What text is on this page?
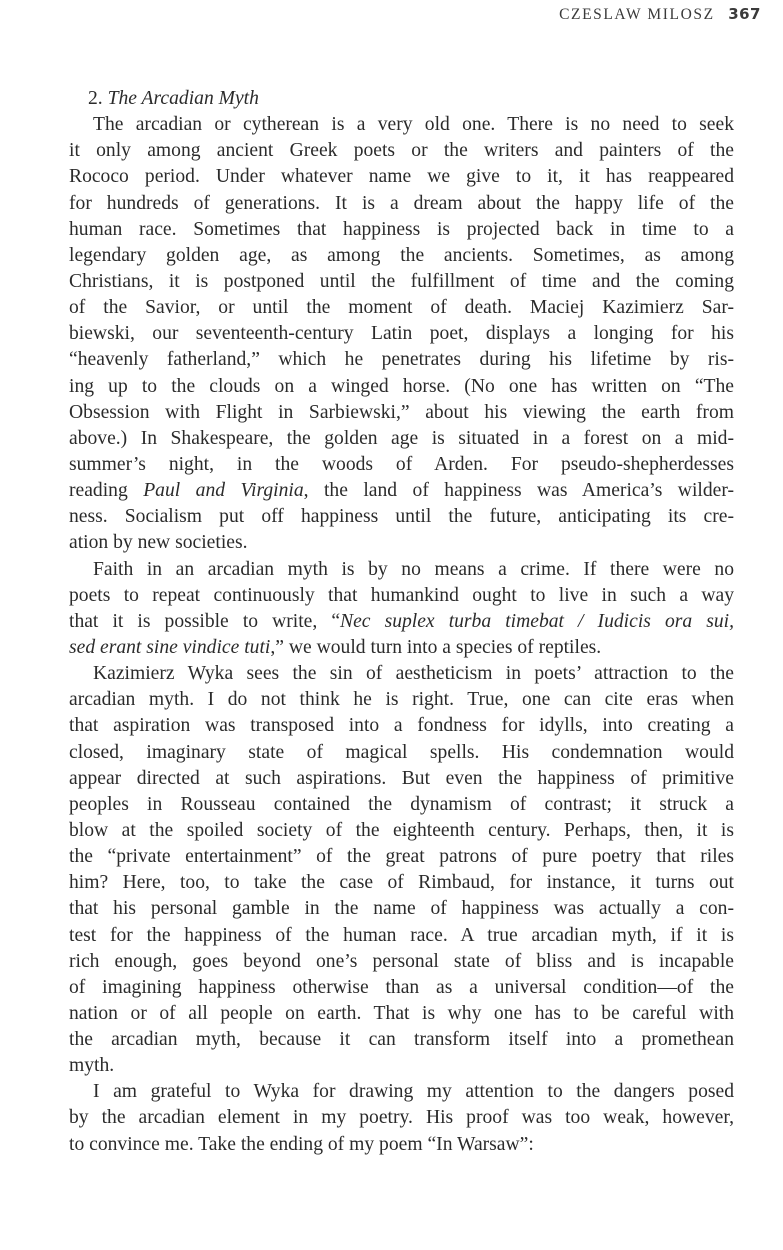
CZESLAW MILOSZ 367
2. The Arcadian Myth
The arcadian or cytherean is a very old one. There is no need to seek
it only among ancient Greek poets or the writers and painters of the
Rococo period. Under whatever name we give to it, it has reappeared
for hundreds of generations. It is a dream about the happy life of the
human race. Sometimes that happiness is projected back in time to a
legendary golden age, as among the ancients. Sometimes, as among
Christians, it is postponed until the fulfillment of time and the coming
of the Savior, or until the moment of death. Maciej Kazimierz Sar-
biewski, our seventeenth-century Latin poet, displays a longing for his
“heavenly fatherland,” which he penetrates during his lifetime by ris-
ing up to the clouds on a winged horse. (No one has written on “The
Obsession with Flight in Sarbiewski,” about his viewing the earth from
above.) In Shakespeare, the golden age is situated in a forest on a mid-
summer’s night, in the woods of Arden. For pseudo-shepherdesses
reading Paul and Virginia, the land of happiness was America’s wilder-
ness. Socialism put off happiness until the future, anticipating its cre-
ation by new societies.
Faith in an arcadian myth is by no means a crime. If there were no
poets to repeat continuously that humankind ought to live in such a way
that it is possible to write, “Nec suplex turba timebat / Iudicis ora sui,
sed erant sine vindice tuti,” we would turn into a species of reptiles.
Kazimierz Wyka sees the sin of aestheticism in poets’ attraction to the
arcadian myth. I do not think he is right. True, one can cite eras when
that aspiration was transposed into a fondness for idylls, into creating a
closed, imaginary state of magical spells. His condemnation would
appear directed at such aspirations. But even the happiness of primitive
peoples in Rousseau contained the dynamism of contrast; it struck a
blow at the spoiled society of the eighteenth century. Perhaps, then, it is
the “private entertainment” of the great patrons of pure poetry that riles
him? Here, too, to take the case of Rimbaud, for instance, it turns out
that his personal gamble in the name of happiness was actually a con-
test for the happiness of the human race. A true arcadian myth, if it is
rich enough, goes beyond one’s personal state of bliss and is incapable
of imagining happiness otherwise than as a universal condition—of the
nation or of all people on earth. That is why one has to be careful with
the arcadian myth, because it can transform itself into a promethean
myth.
I am grateful to Wyka for drawing my attention to the dangers posed
by the arcadian element in my poetry. His proof was too weak, however,
to convince me. Take the ending of my poem “In Warsaw”:
